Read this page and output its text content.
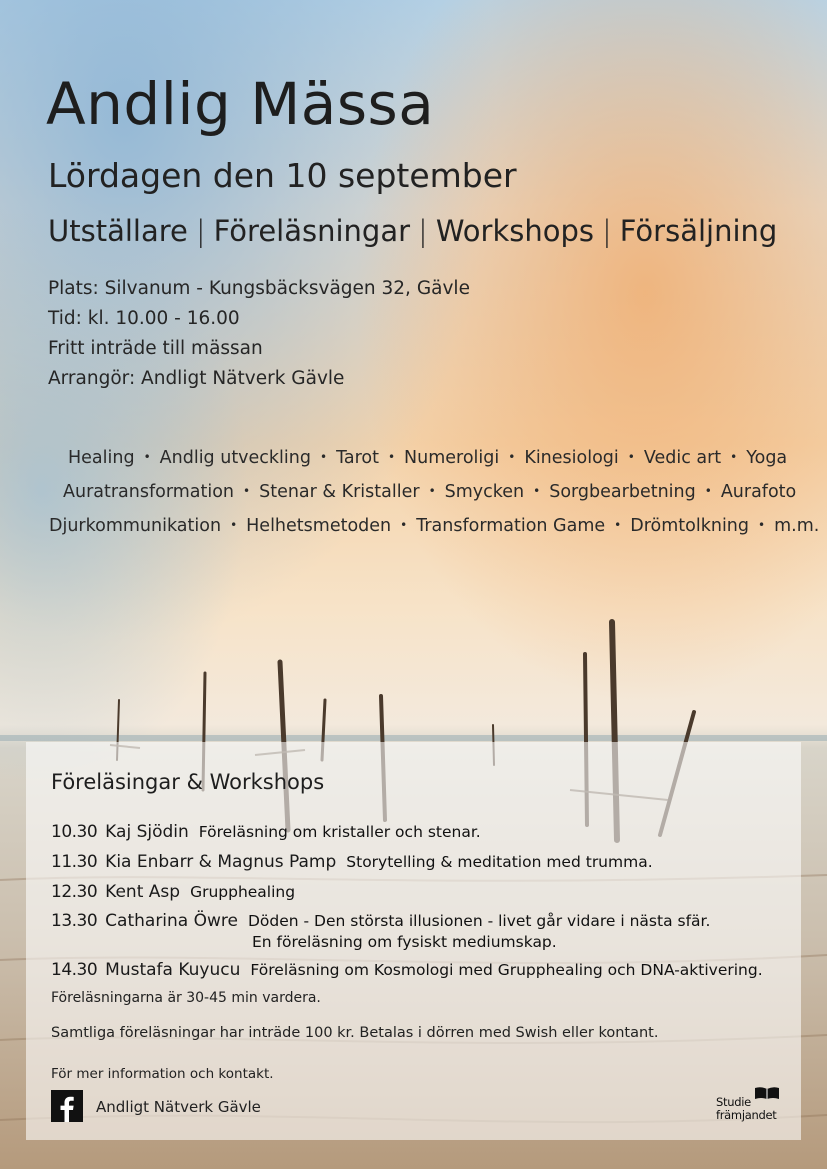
Andlig Mässa
Lördagen den 10 september
Utställare | Föreläsningar | Workshops | Försäljning
Plats: Silvanum - Kungsbäcksvägen 32, Gävle
Tid: kl. 10.00 - 16.00
Fritt inträde till mässan
Arrangör: Andligt Nätverk Gävle
Healing • Andlig utveckling • Tarot • Numeroligi • Kinesiologi • Vedic art • Yoga
Auratransformation • Stenar & Kristaller • Smycken • Sorgbearbetning • Aurafoto
Djurkommunikation • Helhetsmetoden • Transformation Game • Drömtolkning • m.m.
Föreläsingar & Workshops
10.30 Kaj Sjödin Föreläsning om kristaller och stenar.
11.30 Kia Enbarr & Magnus Pamp Storytelling & meditation med trumma.
12.30 Kent Asp Grupphealing
13.30 Catharina Öwre Döden - Den största illusionen - livet går vidare i nästa sfär.
En föreläsning om fysiskt mediumskap.
14.30 Mustafa Kuyucu Föreläsning om Kosmologi med Grupphealing och DNA-aktivering.
Föreläsningarna är 30-45 min vardera.
Samtliga föreläsningar har inträde 100 kr. Betalas i dörren med Swish eller kontant.
För mer information och kontakt.
Andligt Nätverk Gävle	Studie
främjandet
